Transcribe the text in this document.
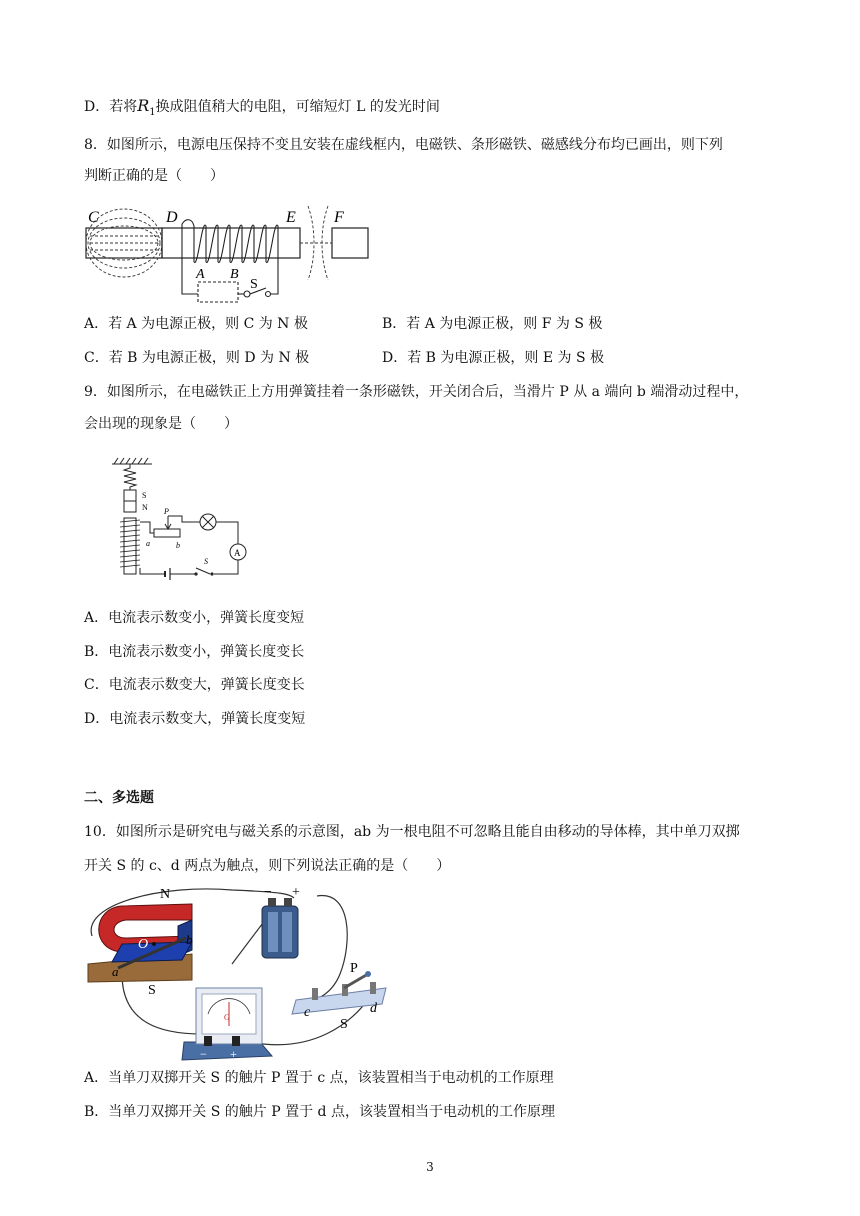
D．若将$R_1$换成阻值稍大的电阻，可缩短灯 L 的发光时间
8．如图所示，电源电压保持不变且安装在虚线框内，电磁铁、条形磁铁、磁感线分布均已画出，则下列
判断正确的是（　　）
C	D	E F
A B
S
A．若 A 为电源正极，则 C 为 N 极	B．若 A 为电源正极，则 F 为 S 极
C．若 B 为电源正极，则 D 为 N 极	D．若 B 为电源正极，则 E 为 S 极
9．如图所示，在电磁铁正上方用弹簧挂着一条形磁铁，开关闭合后，当滑片 P 从 a 端向 b 端滑动过程中，
会出现的现象是（　　）
S
N P
a	b
A
S
A．电流表示数变小，弹簧长度变短
B．电流表示数变小，弹簧长度变长
C．电流表示数变大，弹簧长度变长
D．电流表示数变大，弹簧长度变短
二、多选题
10．如图所示是研究电与磁关系的示意图，ab 为一根电阻不可忽略且能自由移动的导体棒，其中单刀双掷
开关 S 的 c、d 两点为触点，则下列说法正确的是（　　）
N
O	b
a
S
− +
P
c	d
S
G
− +
A．当单刀双掷开关 S 的触片 P 置于 c 点，该装置相当于电动机的工作原理
B．当单刀双掷开关 S 的触片 P 置于 d 点，该装置相当于电动机的工作原理
3
